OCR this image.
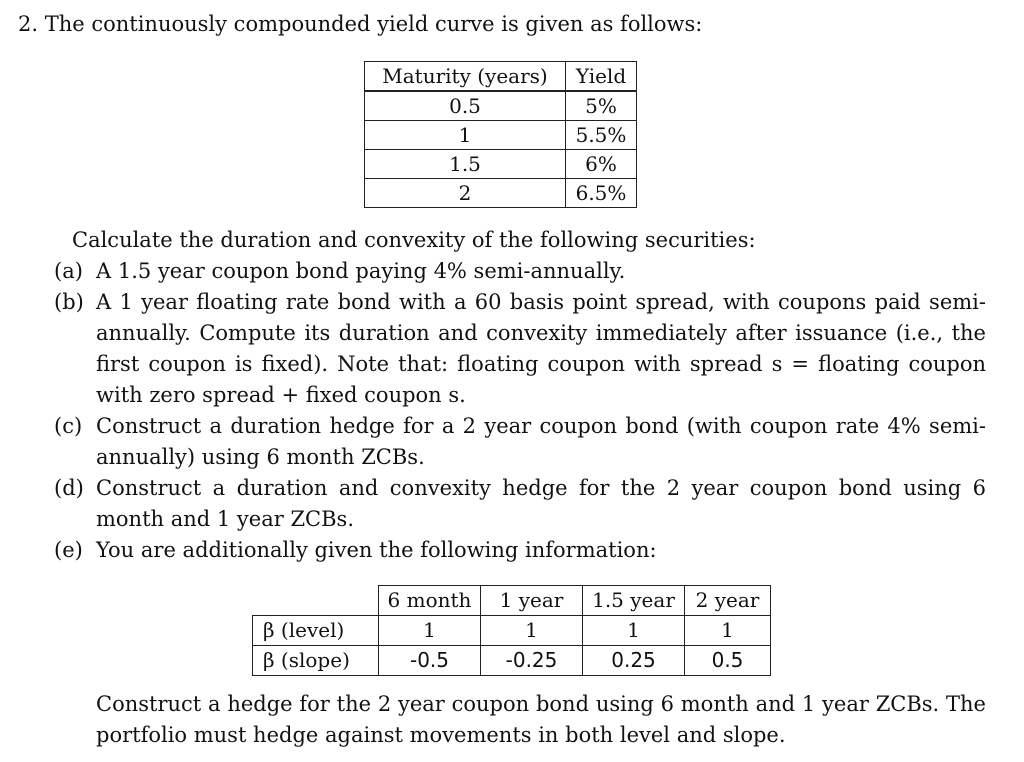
2. The continuously compounded yield curve is given as follows:
Maturity (years)	Yield
0.5	5%
1	5.5%
1.5	6%
2	6.5%
Calculate the duration and convexity of the following securities:
(a) A 1.5 year coupon bond paying 4% semi-annually.
(b) A 1 year floating rate bond with a 60 basis point spread, with coupons paid semi-annually. Compute its duration and convexity immediately after issuance (i.e., the first coupon is fixed). Note that: floating coupon with spread s = floating coupon with zero spread + fixed coupon s.
(c) Construct a duration hedge for a 2 year coupon bond (with coupon rate 4% semi-annually) using 6 month ZCBs.
(d) Construct a duration and convexity hedge for the 2 year coupon bond using 6 month and 1 year ZCBs.
(e) You are additionally given the following information:
	6 month	1 year	1.5 year	2 year
β (level)	1	1	1	1
β (slope)	-0.5	-0.25	0.25	0.5
Construct a hedge for the 2 year coupon bond using 6 month and 1 year ZCBs. The portfolio must hedge against movements in both level and slope.
